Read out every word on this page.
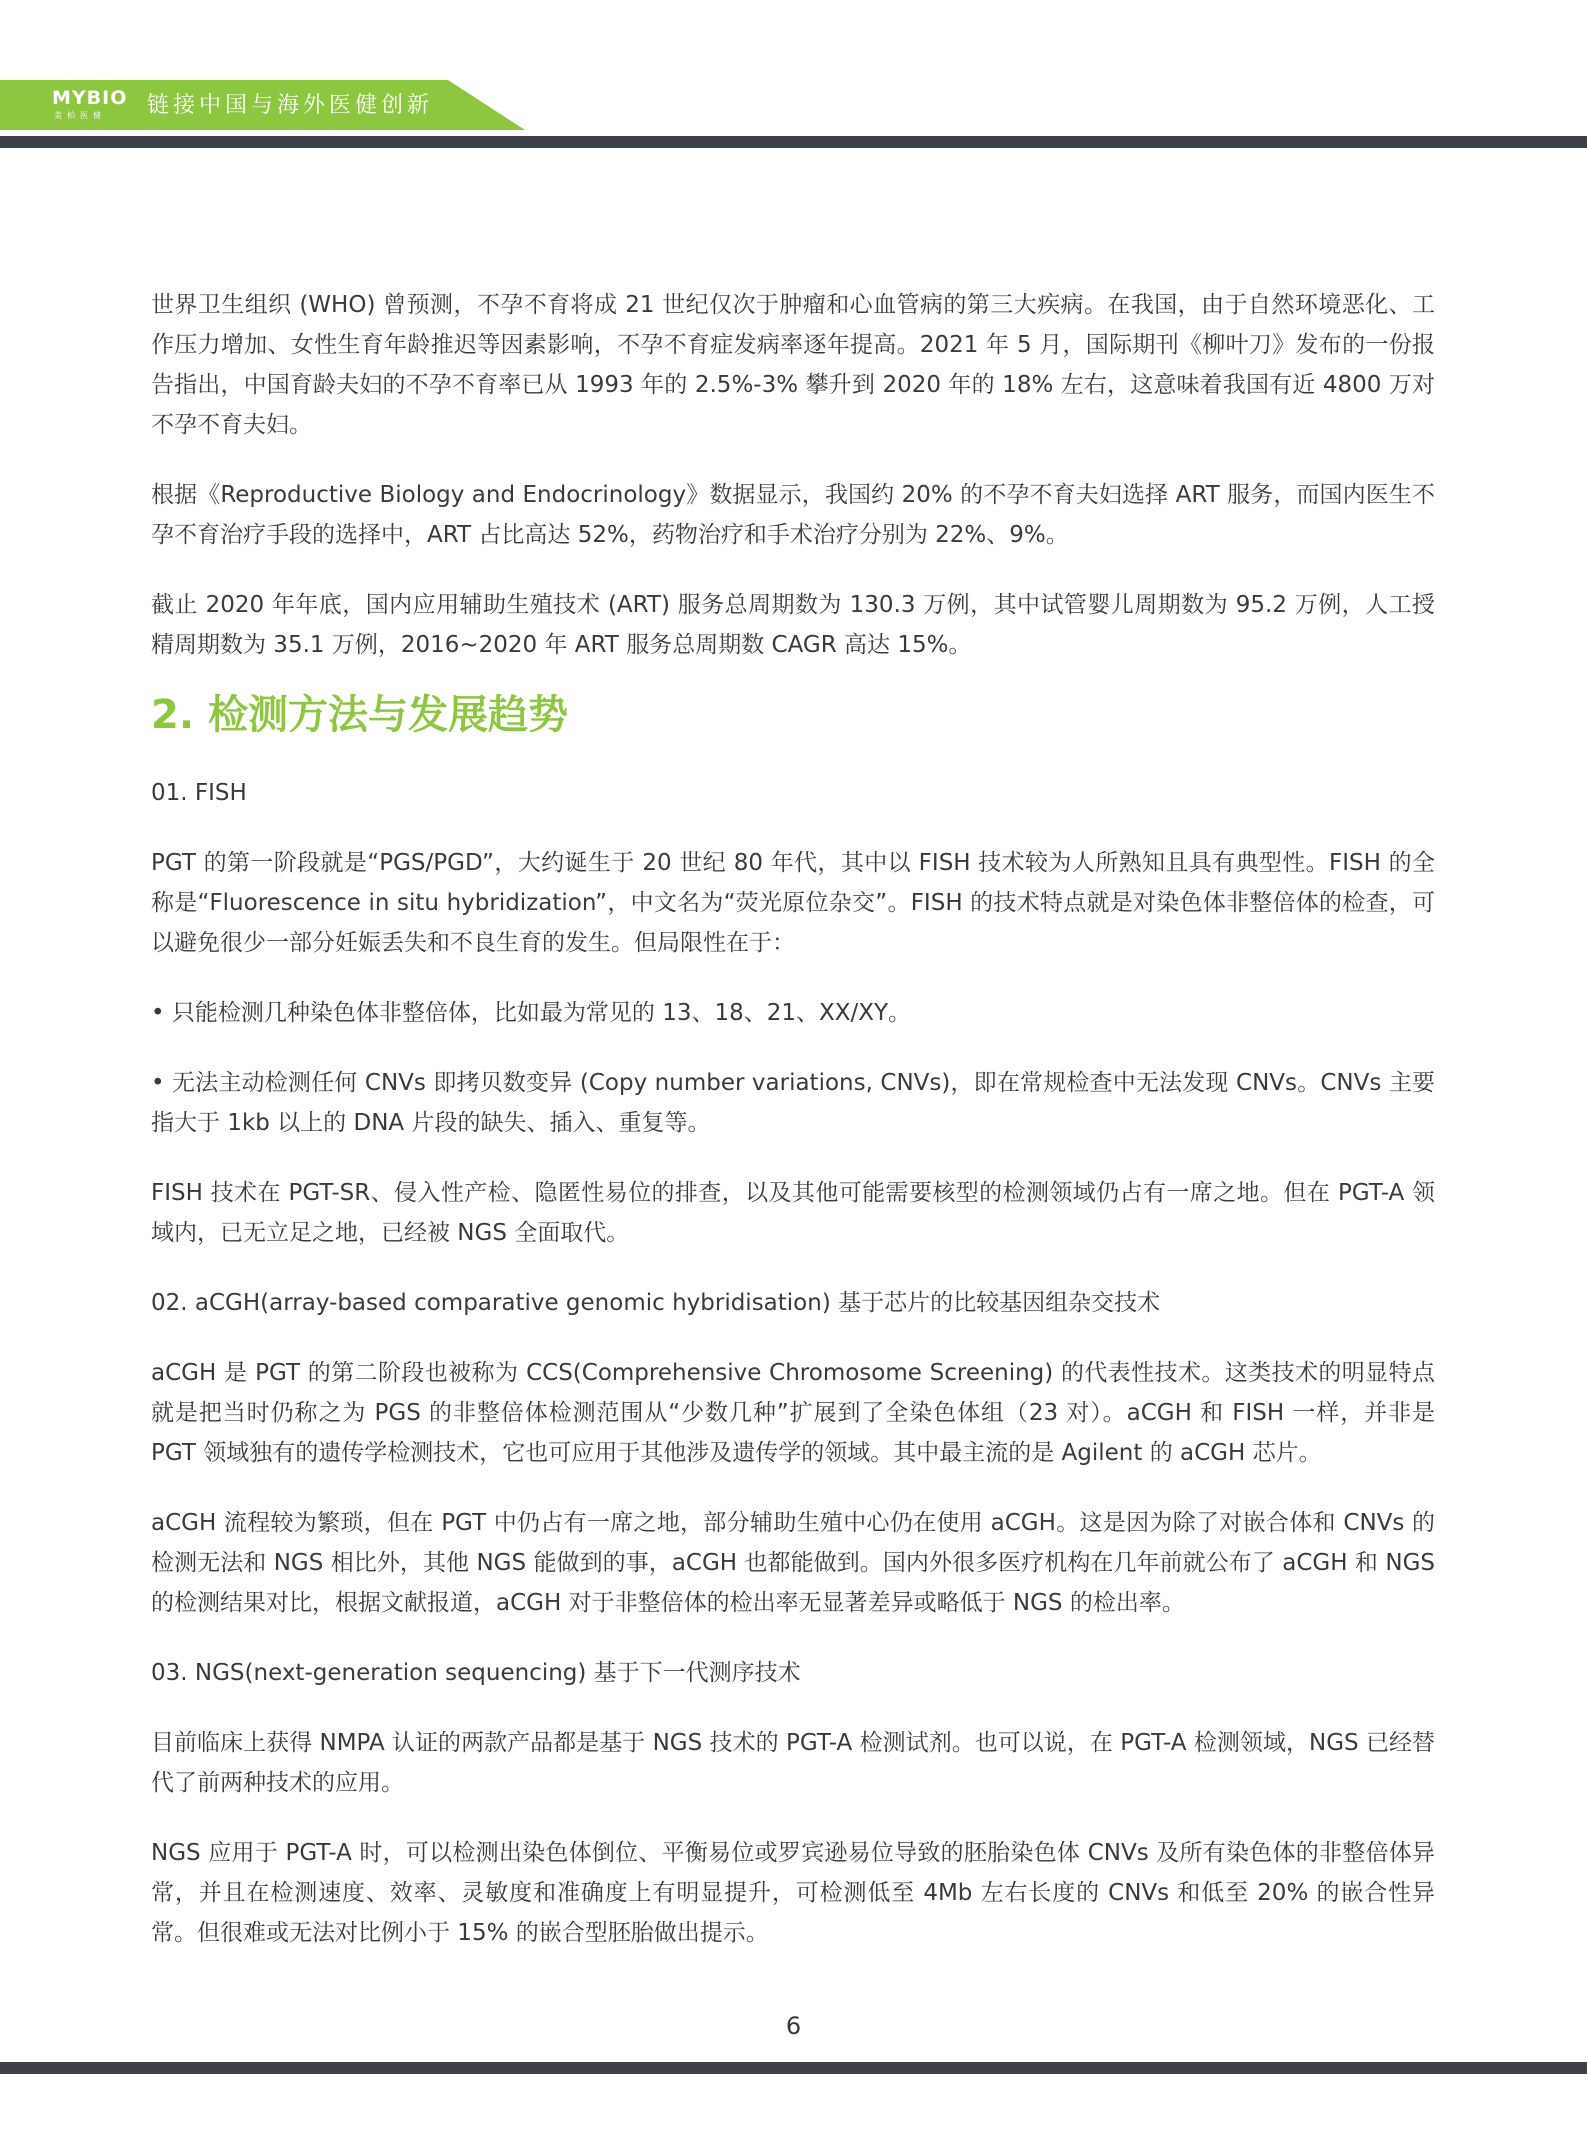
MYBIO
美柏医健 链接中国与海外医健创新

世界卫生组织 (WHO) 曾预测，不孕不育将成 21 世纪仅次于肿瘤和心血管病的第三大疾病。在我国，由于自然环境恶化、工作压力增加、女性生育年龄推迟等因素影响，不孕不育症发病率逐年提高。2021 年 5 月，国际期刊《柳叶刀》发布的一份报告指出，中国育龄夫妇的不孕不育率已从 1993 年的 2.5%-3% 攀升到 2020 年的 18% 左右，这意味着我国有近 4800 万对不孕不育夫妇。

根据《Reproductive Biology and Endocrinology》数据显示，我国约 20% 的不孕不育夫妇选择 ART 服务，而国内医生不孕不育治疗手段的选择中，ART 占比高达 52%，药物治疗和手术治疗分别为 22%、9%。

截止 2020 年年底，国内应用辅助生殖技术 (ART) 服务总周期数为 130.3 万例，其中试管婴儿周期数为 95.2 万例，人工授精周期数为 35.1 万例，2016~2020 年 ART 服务总周期数 CAGR 高达 15%。

2. 检测方法与发展趋势
01. FISH

PGT 的第一阶段就是“PGS/PGD”，大约诞生于 20 世纪 80 年代，其中以 FISH 技术较为人所熟知且具有典型性。FISH 的全称是“Fluorescence in situ hybridization”，中文名为“荧光原位杂交”。FISH 的技术特点就是对染色体非整倍体的检查，可以避免很少一部分妊娠丢失和不良生育的发生。但局限性在于：

• 只能检测几种染色体非整倍体，比如最为常见的 13、18、21、XX/XY。

• 无法主动检测任何 CNVs 即拷贝数变异 (Copy number variations, CNVs)，即在常规检查中无法发现 CNVs。CNVs 主要指大于 1kb 以上的 DNA 片段的缺失、插入、重复等。

FISH 技术在 PGT-SR、侵入性产检、隐匿性易位的排查，以及其他可能需要核型的检测领域仍占有一席之地。但在 PGT-A 领域内，已无立足之地，已经被 NGS 全面取代。

02. aCGH(array-based comparative genomic hybridisation) 基于芯片的比较基因组杂交技术

aCGH 是 PGT 的第二阶段也被称为 CCS(Comprehensive Chromosome Screening) 的代表性技术。这类技术的明显特点就是把当时仍称之为 PGS 的非整倍体检测范围从“少数几种”扩展到了全染色体组（23 对）。aCGH 和 FISH 一样，并非是 PGT 领域独有的遗传学检测技术，它也可应用于其他涉及遗传学的领域。其中最主流的是 Agilent 的 aCGH 芯片。

aCGH 流程较为繁琐，但在 PGT 中仍占有一席之地，部分辅助生殖中心仍在使用 aCGH。这是因为除了对嵌合体和 CNVs 的检测无法和 NGS 相比外，其他 NGS 能做到的事，aCGH 也都能做到。国内外很多医疗机构在几年前就公布了 aCGH 和 NGS 的检测结果对比，根据文献报道，aCGH 对于非整倍体的检出率无显著差异或略低于 NGS 的检出率。

03. NGS(next-generation sequencing) 基于下一代测序技术

目前临床上获得 NMPA 认证的两款产品都是基于 NGS 技术的 PGT-A 检测试剂。也可以说，在 PGT-A 检测领域，NGS 已经替代了前两种技术的应用。

NGS 应用于 PGT-A 时，可以检测出染色体倒位、平衡易位或罗宾逊易位导致的胚胎染色体 CNVs 及所有染色体的非整倍体异常，并且在检测速度、效率、灵敏度和准确度上有明显提升，可检测低至 4Mb 左右长度的 CNVs 和低至 20% 的嵌合性异常。但很难或无法对比例小于 15% 的嵌合型胚胎做出提示。

6
